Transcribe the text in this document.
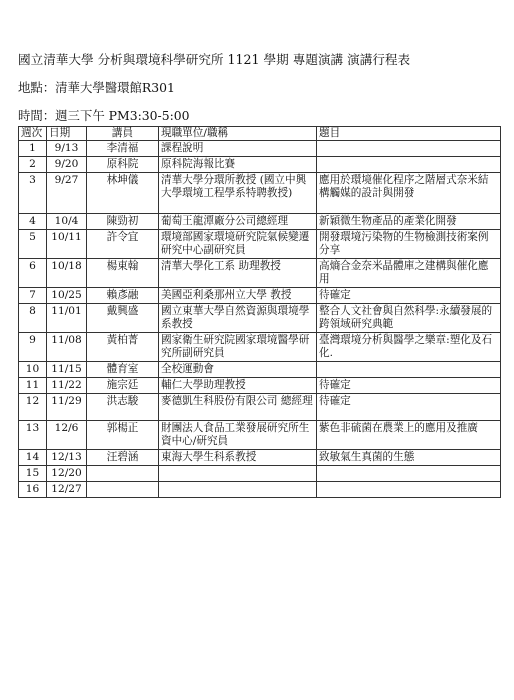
國立清華大學 分析與環境科學研究所 1121 學期 專題演講 演講行程表
地點：清華大學醫環館R301
時間：週三下午 PM3:30-5:00
週次	日期	講員	現職單位/職稱	題目
1	9/13	李清福	課程說明	
2	9/20	原科院	原科院海報比賽	
3	9/27	林坤儀	清華大學分環所教授 (國立中興大學環境工程學系特聘教授)	應用於環境催化程序之階層式奈米結構觸媒的設計與開發
4	10/4	陳勁初	葡萄王龍潭廠分公司總經理	新穎微生物產品的產業化開發
5	10/11	許令宜	環境部國家環境研究院氣候變遷研究中心副研究員	開發環境污染物的生物檢測技術案例分享
6	10/18	楊東翰	清華大學化工系 助理教授	高熵合金奈米晶體庫之建構與催化應用
7	10/25	賴彥融	美國亞利桑那州立大學 教授	待確定
8	11/01	戴興盛	國立東華大學自然資源與環境學系教授	整合人文社會與自然科學:永續發展的跨領域研究典範
9	11/08	黃柏菁	國家衛生研究院國家環境醫學研究所副研究員	臺灣環境分析與醫學之樂章:塑化及石化.
10	11/15	體育室	全校運動會	
11	11/22	施宗廷	輔仁大學助理教授	待確定
12	11/29	洪志駿	麥德凱生科股份有限公司 總經理	待確定
13	12/6	郭楊正	財團法人食品工業發展研究所生資中心/研究員	紫色非硫菌在農業上的應用及推廣
14	12/13	汪碧涵	東海大學生科系教授	致敏氣生真菌的生態
15	12/20			
16	12/27			
